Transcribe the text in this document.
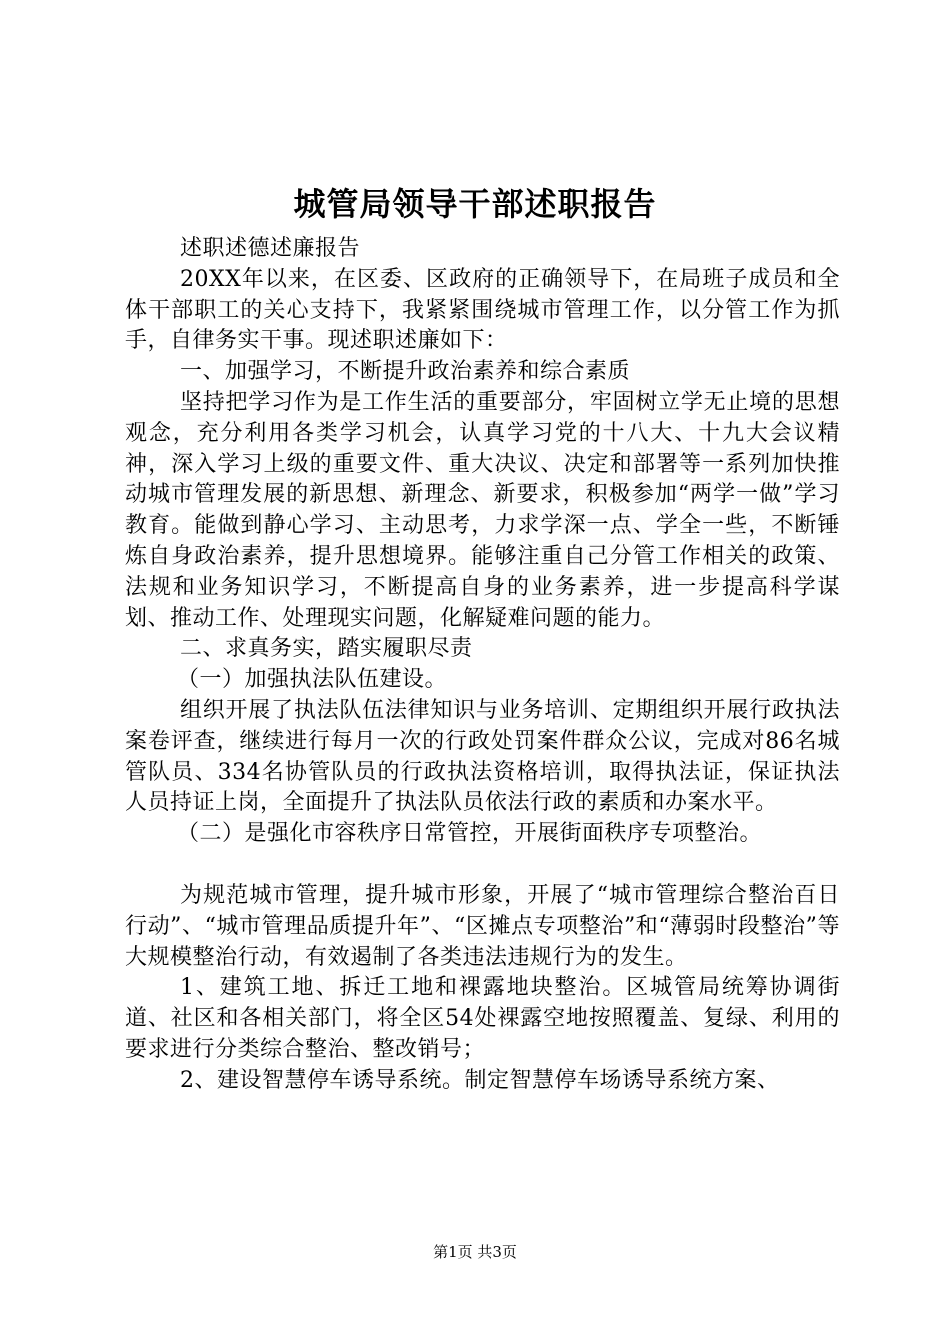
城管局领导干部述职报告

述职述德述廉报告

20XX年以来，在区委、区政府的正确领导下，在局班子成员和全体干部职工的关心支持下，我紧紧围绕城市管理工作，以分管工作为抓手，自律务实干事。现述职述廉如下：

一、加强学习，不断提升政治素养和综合素质

坚持把学习作为是工作生活的重要部分，牢固树立学无止境的思想观念，充分利用各类学习机会，认真学习党的十八大、十九大会议精神，深入学习上级的重要文件、重大决议、决定和部署等一系列加快推动城市管理发展的新思想、新理念、新要求，积极参加“两学一做”学习教育。能做到静心学习、主动思考，力求学深一点、学全一些，不断锤炼自身政治素养，提升思想境界。能够注重自己分管工作相关的政策、法规和业务知识学习，不断提高自身的业务素养，进一步提高科学谋划、推动工作、处理现实问题，化解疑难问题的能力。

二、求真务实，踏实履职尽责

（一）加强执法队伍建设。

组织开展了执法队伍法律知识与业务培训、定期组织开展行政执法案卷评查，继续进行每月一次的行政处罚案件群众公议，完成对86名城管队员、334名协管队员的行政执法资格培训，取得执法证，保证执法人员持证上岗，全面提升了执法队员依法行政的素质和办案水平。

（二）是强化市容秩序日常管控，开展街面秩序专项整治。

为规范城市管理，提升城市形象，开展了“城市管理综合整治百日行动”、“城市管理品质提升年”、“区摊点专项整治”和“薄弱时段整治”等大规模整治行动，有效遏制了各类违法违规行为的发生。

1、建筑工地、拆迁工地和裸露地块整治。区城管局统筹协调街道、社区和各相关部门，将全区54处裸露空地按照覆盖、复绿、利用的要求进行分类综合整治、整改销号；

2、建设智慧停车诱导系统。制定智慧停车场诱导系统方案、

第1页 共3页
